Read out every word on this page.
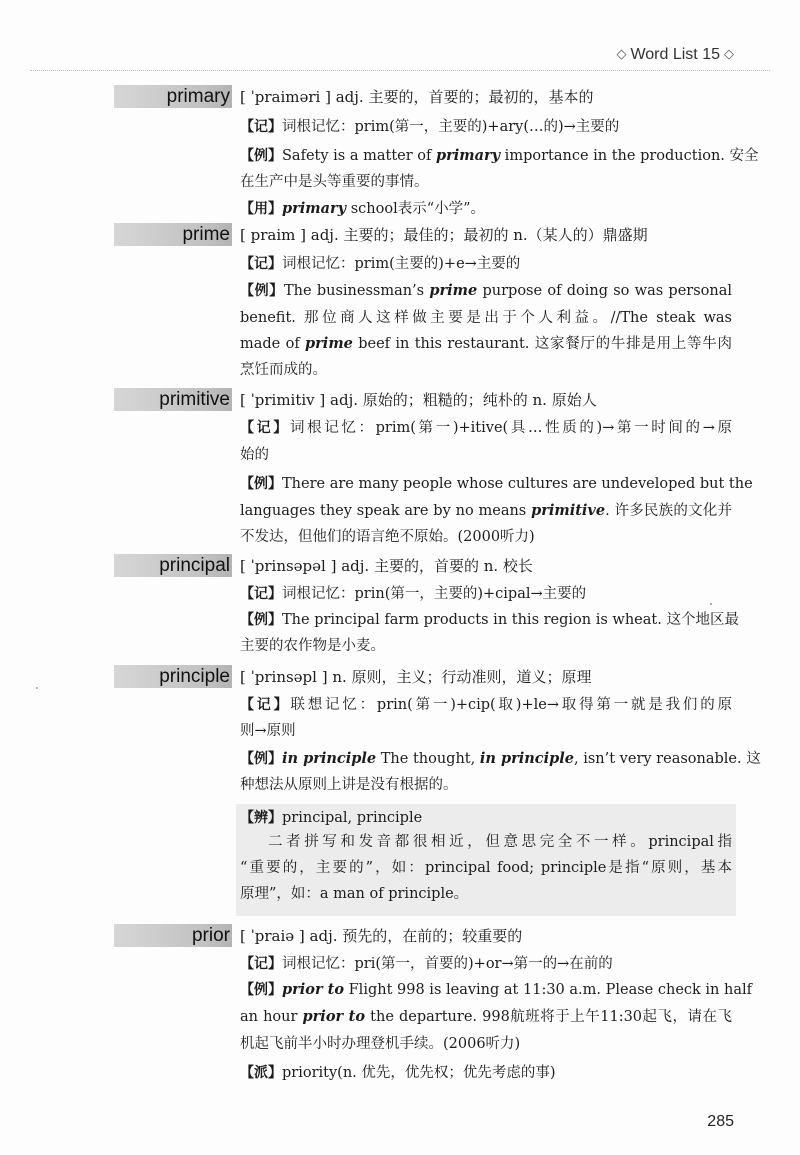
◇ Word List 15 ◇
primary [ ˈpraiməri ] adj. 主要的，首要的；最初的，基本的
【记】词根记忆：prim(第一，主要的)+ary(…的)→主要的
【例】Safety is a matter of primary importance in the production. 安全
在生产中是头等重要的事情。
【用】primary school表示“小学”。
prime [ praim ] adj. 主要的；最佳的；最初的 n.（某人的）鼎盛期
【记】词根记忆：prim(主要的)+e→主要的
【例】The businessman’s prime purpose of doing so was personal
benefit. 那位商人这样做主要是出于个人利益。//The steak was
made of prime beef in this restaurant. 这家餐厅的牛排是用上等牛肉
烹饪而成的。
primitive [ ˈprimitiv ] adj. 原始的；粗糙的；纯朴的 n. 原始人
【记】词根记忆：prim(第一)+itive(具…性质的)→第一时间的→原
始的
【例】There are many people whose cultures are undeveloped but the
languages they speak are by no means primitive. 许多民族的文化并
不发达，但他们的语言绝不原始。(2000听力)
principal [ ˈprinsəpəl ] adj. 主要的，首要的 n. 校长
【记】词根记忆：prin(第一，主要的)+cipal→主要的
【例】The principal farm products in this region is wheat. 这个地区最
主要的农作物是小麦。
principle [ ˈprinsəpl ] n. 原则，主义；行动准则，道义；原理
【记】联想记忆：prin(第一)+cip(取)+le→取得第一就是我们的原
则→原则
【例】in principle The thought, in principle, isn’t very reasonable. 这
种想法从原则上讲是没有根据的。
【辨】principal, principle
二者拼写和发音都很相近，但意思完全不一样。principal指
“重要的，主要的”，如：principal food; principle是指“原则，基本
原理”，如：a man of principle。
prior [ ˈpraiə ] adj. 预先的，在前的；较重要的
【记】词根记忆：pri(第一，首要的)+or→第一的→在前的
【例】prior to Flight 998 is leaving at 11:30 a.m. Please check in half
an hour prior to the departure. 998航班将于上午11:30起飞，请在飞
机起飞前半小时办理登机手续。(2006听力)
【派】priority(n. 优先，优先权；优先考虑的事)
285
